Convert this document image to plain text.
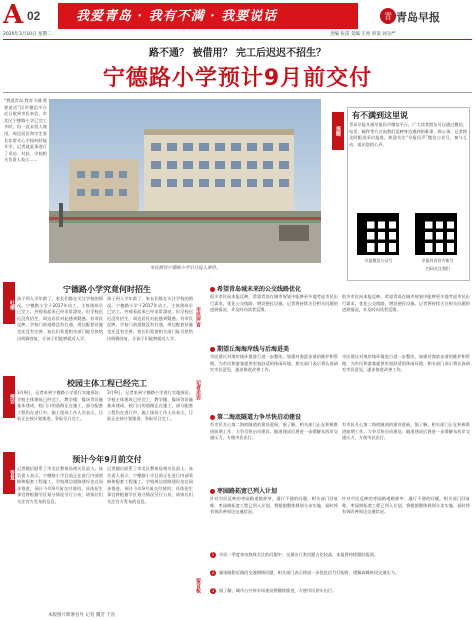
A 02	我爱青岛 · 我有不满 · 我要说话	青 青岛早报
2020年3月10日 星期二	责编 张雷 美编 王亮 审读 刘分严
路不通？ 被借用？ 完工后迟迟不招生？
宁德路小学预计9月前交付
“我爱青岛·我有不满·我要说话”民声微信平台近日收到市民来信，市北区宁德路小学已完工多时，但一直未投入使用，周边居民和学生家长非常关心学校何时能开学。记者就此事进行了采访。对此，学校相关负责人表示……
市民期待宁德路小学早日投入使用。
提醒
有不满到这里说
青岛早报开通早报民声微信平台，广大读者朋友可以通过微信、电话、邮件等方式向我们反映身边遇到的难事、烦心事，记者将及时跟进采访报道。欢迎关注“早报民声”微信公众号，参与互动，说出您的心声。
早报微信公众号	早报抖音官方账号
扫码关注我们
吐槽
宁德路小学究竟何时招生
孩子到入学年龄了，家长们都在关注学校的情况。宁德路小学于2017年动工，主体建筑早已完工，外观看起来已经非常漂亮。但学校迟迟没有招生，周边居民对此感到疑惑。有市民反映，学校门前道路没有打通，周边配套设施也还没有完善。家长们希望相关部门能尽快给出明确答复，让孩子们能够就近入学。
孩子到入学年龄了，家长们都在关注学校的情况。宁德路小学于2017年动工，主体建筑早已完工，外观看起来已经非常漂亮。但学校迟迟没有招生，周边居民对此感到疑惑。有市民反映，学校门前道路没有打通，周边配套设施也还没有完善。家长们希望相关部门能尽快给出明确答复，让孩子们能够就近入学。
探访
校园主体工程已经完工
3月9日，记者来到宁德路小学进行实地探访。学校主体建筑已经完工，教学楼、操场等设施基本建成，校门口的道路正在施工，部分配套工程仍在进行中。施工现场工作人员表示，目前正在按计划推进，争取早日完工。
3月9日，记者来到宁德路小学进行实地探访。学校主体建筑已经完工，教学楼、操场等设施基本建成，校门口的道路正在施工，部分配套工程仍在进行中。施工现场工作人员表示，目前正在按计划推进，争取早日完工。
答复
预计今年9月前交付
记者随后联系了市北区教体局相关负责人。该负责人表示，宁德路小学目前正在进行内部装修和配套工程施工，学校周边道路建设也在同步推进，预计今年9月前交付使用。具体招生事宜将根据学区划分情况另行公布，请家长们关注官方发布的信息。
记者随后联系了市北区教体局相关负责人。该负责人表示，宁德路小学目前正在进行内部装修和配套工程施工，学校周边道路建设也在同步推进，预计今年9月前交付使用。具体招生事宜将根据学区划分情况另行公布，请家长们关注官方发布的信息。
市民声音
记者走访
留言板
希望青岛城未来的公交线路优化
很多市民向本报反映，希望青岛在城市规划中能够更多地考虑市民出行需求，优化公交线路，增设便民设施。记者将持续关注相关问题的进展情况，并及时向读者反馈。
很多市民向本报反映，希望青岛在城市规划中能够更多地考虑市民出行需求，优化公交线路，增设便民设施。记者将持续关注相关问题的进展情况，并及时向读者反馈。
期望丘海海岸线与后海进美
市民建议对海岸线环境进行进一步整治，加强对海滨步道的维护和管理，为市民和游客提供更加舒适的休闲环境。相关部门表示将认真研究市民意见，逐步推进改善工作。
市民建议对海岸线环境进行进一步整治，加强对海滨步道的维护和管理，为市民和游客提供更加舒适的休闲环境。相关部门表示将认真研究市民意见，逐步推进改善工作。
第二海底隧道力争尽快启动建设
有市民关心第二海底隧道的建设进展。据了解，相关部门正在积极推进前期工作，力争尽快启动建设。隧道建成后将进一步缓解东西岸交通压力，方便市民出行。
有市民关心第二海底隧道的建设进展。据了解，相关部门正在积极推进前期工作，力争尽快启动建设。隧道建成后将进一步缓解东西岸交通压力，方便市民出行。
枣园路拓宽已列入计划
针对市民反映的枣园路道路狭窄、通行不便的问题，相关部门回复称，枣园路拓宽工程已列入计划，将根据整体规划分步实施，届时将有效改善周边交通状况。
针对市民反映的枣园路道路狭窄、通行不便的问题，相关部门回复称，枣园路拓宽工程已列入计划，将根据整体规划分步实施，届时将有效改善周边交通状况。
1 市民一季度来电热线关注的问题中，交通出行类问题占比较高，本报将持续跟踪报道。
2 湖南路附近路段交通拥堵问题，相关部门表示将进一步优化信号灯配时，缓解高峰时段交通压力。
3 据了解，城市公共停车场建设将继续推进，方便市民停车出行。
本版图片除署名外 记者 魏芳 于浩
